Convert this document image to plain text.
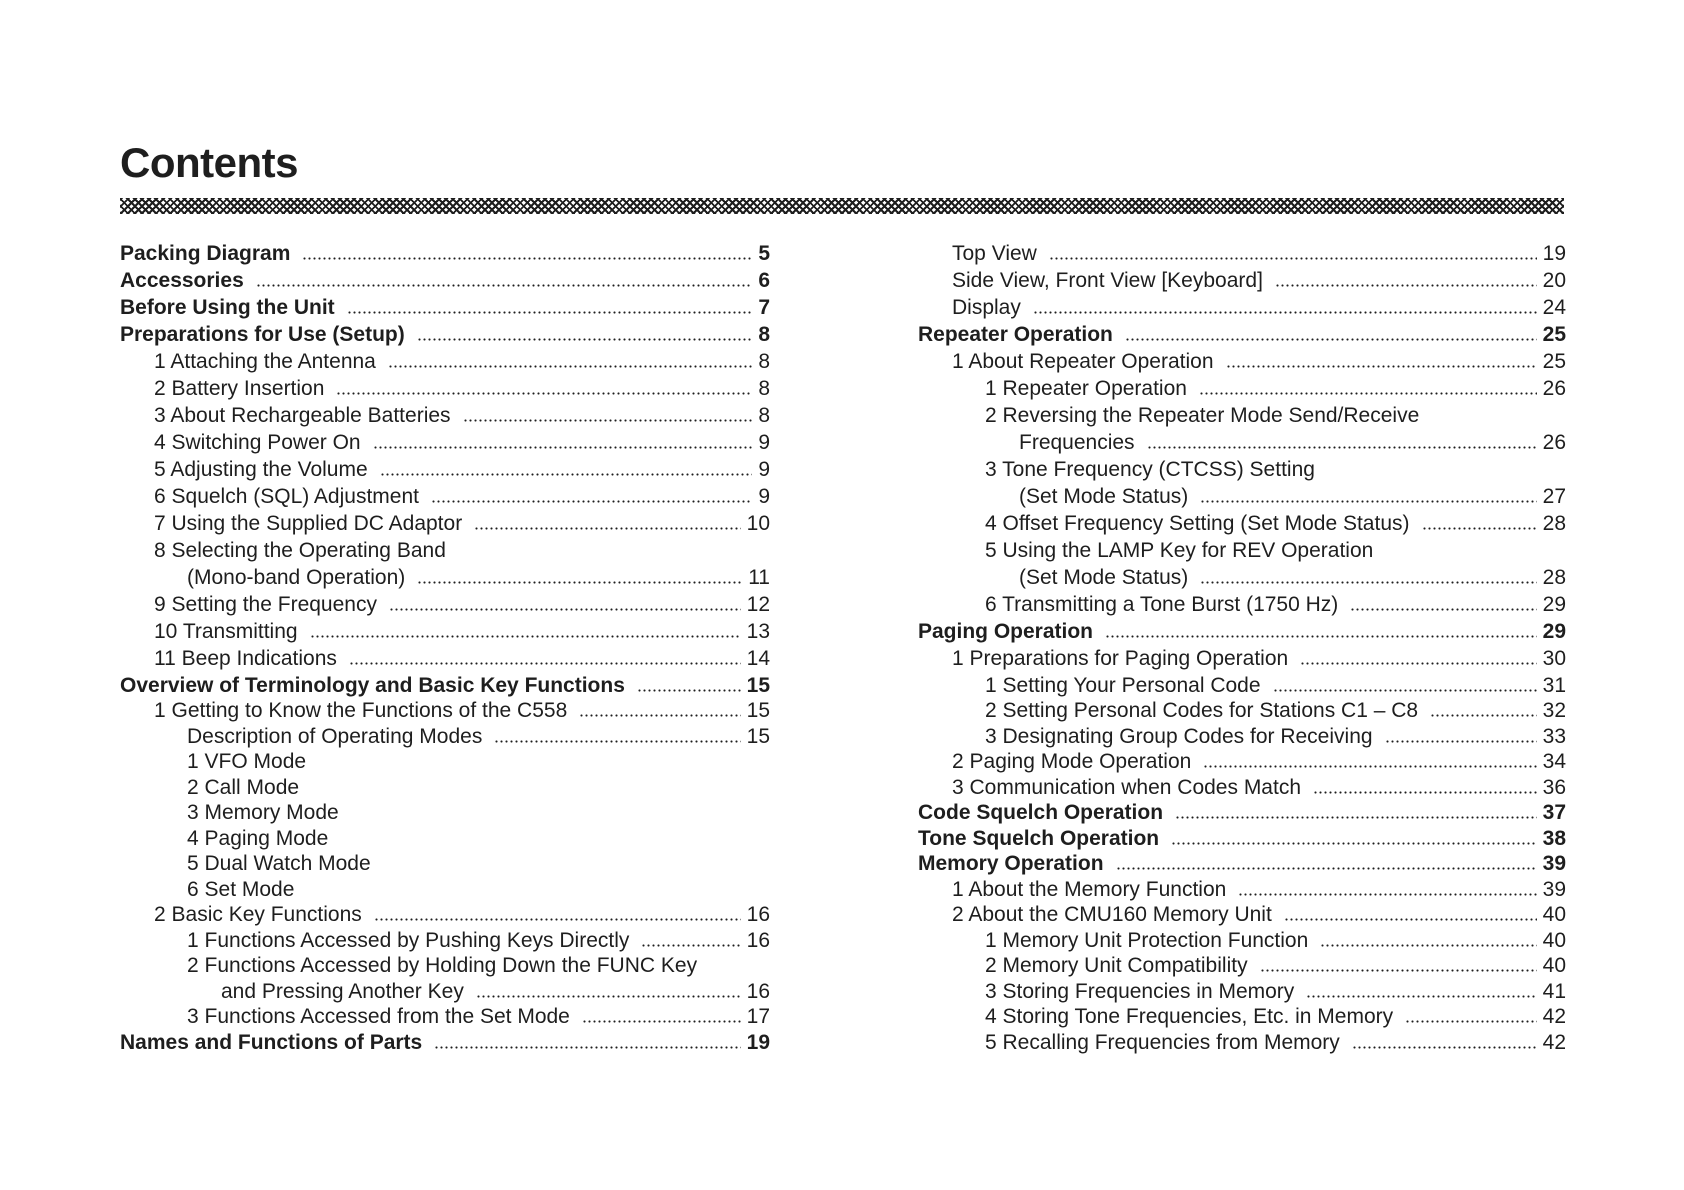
Contents
Packing Diagram	5
Accessories	6
Before Using the Unit	7
Preparations for Use (Setup)	8
1 Attaching the Antenna	8
2 Battery Insertion	8
3 About Rechargeable Batteries	8
4 Switching Power On	9
5 Adjusting the Volume	9
6 Squelch (SQL) Adjustment	9
7 Using the Supplied DC Adaptor	10
8 Selecting the Operating Band
(Mono-band Operation)	11
9 Setting the Frequency	12
10 Transmitting	13
11 Beep Indications	14
Overview of Terminology and Basic Key Functions	15
1 Getting to Know the Functions of the C558	15
Description of Operating Modes	15
1 VFO Mode
2 Call Mode
3 Memory Mode
4 Paging Mode
5 Dual Watch Mode
6 Set Mode
2 Basic Key Functions	16
1 Functions Accessed by Pushing Keys Directly	16
2 Functions Accessed by Holding Down the FUNC Key
and Pressing Another Key	16
3 Functions Accessed from the Set Mode	17
Names and Functions of Parts	19
Top View	19
Side View, Front View [Keyboard]	20
Display	24
Repeater Operation	25
1 About Repeater Operation	25
1 Repeater Operation	26
2 Reversing the Repeater Mode Send/Receive
Frequencies	26
3 Tone Frequency (CTCSS) Setting
(Set Mode Status)	27
4 Offset Frequency Setting (Set Mode Status)	28
5 Using the LAMP Key for REV Operation
(Set Mode Status)	28
6 Transmitting a Tone Burst (1750 Hz)	29
Paging Operation	29
1 Preparations for Paging Operation	30
1 Setting Your Personal Code	31
2 Setting Personal Codes for Stations C1 – C8	32
3 Designating Group Codes for Receiving	33
2 Paging Mode Operation	34
3 Communication when Codes Match	36
Code Squelch Operation	37
Tone Squelch Operation	38
Memory Operation	39
1 About the Memory Function	39
2 About the CMU160 Memory Unit	40
1 Memory Unit Protection Function	40
2 Memory Unit Compatibility	40
3 Storing Frequencies in Memory	41
4 Storing Tone Frequencies, Etc. in Memory	42
5 Recalling Frequencies from Memory	42
